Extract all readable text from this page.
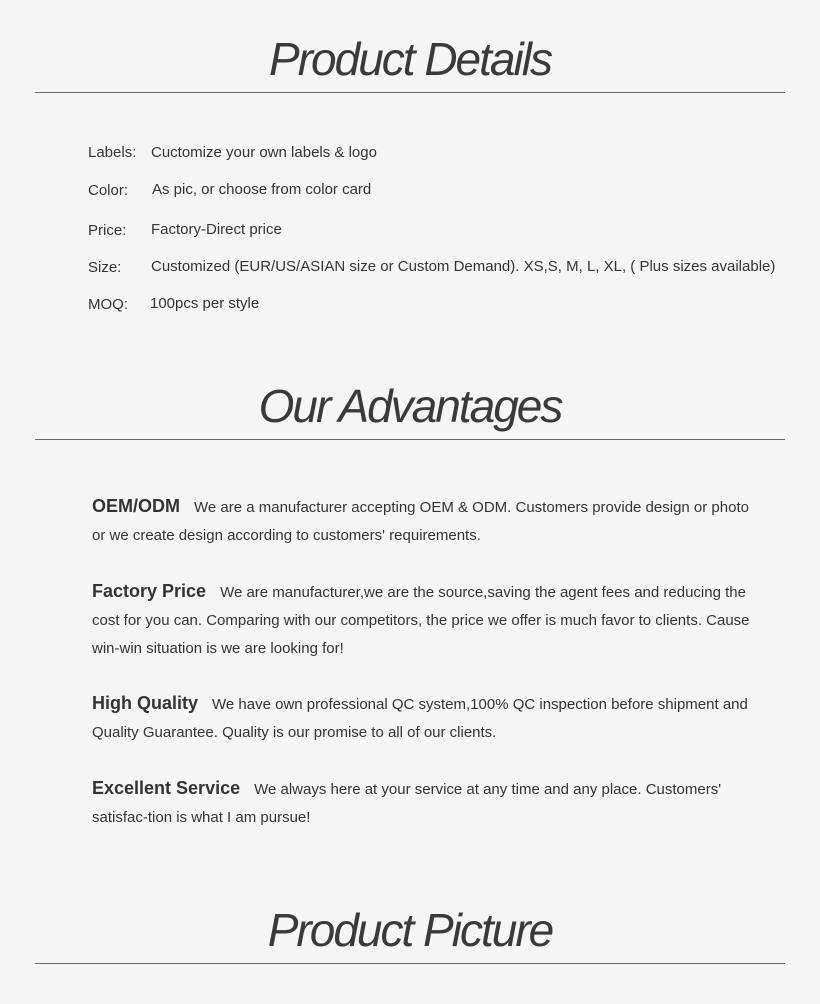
Product Details
Labels: Cuctomize your own labels & logo
Color: As pic, or choose from color card
Price: Factory-Direct price
Size: Customized (EUR/US/ASIAN size or Custom Demand). XS,S, M, L, XL, ( Plus sizes available)
MOQ: 100pcs per style
Our Advantages
OEM/ODM We are a manufacturer accepting OEM & ODM. Customers provide design or photo or we create design according to customers' requirements.
Factory Price We are manufacturer,we are the source,saving the agent fees and reducing the cost for you can. Comparing with our competitors, the price we offer is much favor to clients. Cause win-win situation is we are looking for!
High Quality We have own professional QC system,100% QC inspection before shipment and Quality Guarantee. Quality is our promise to all of our clients.
Excellent Service We always here at your service at any time and any place. Customers' satisfac-tion is what I am pursue!
Product Picture
